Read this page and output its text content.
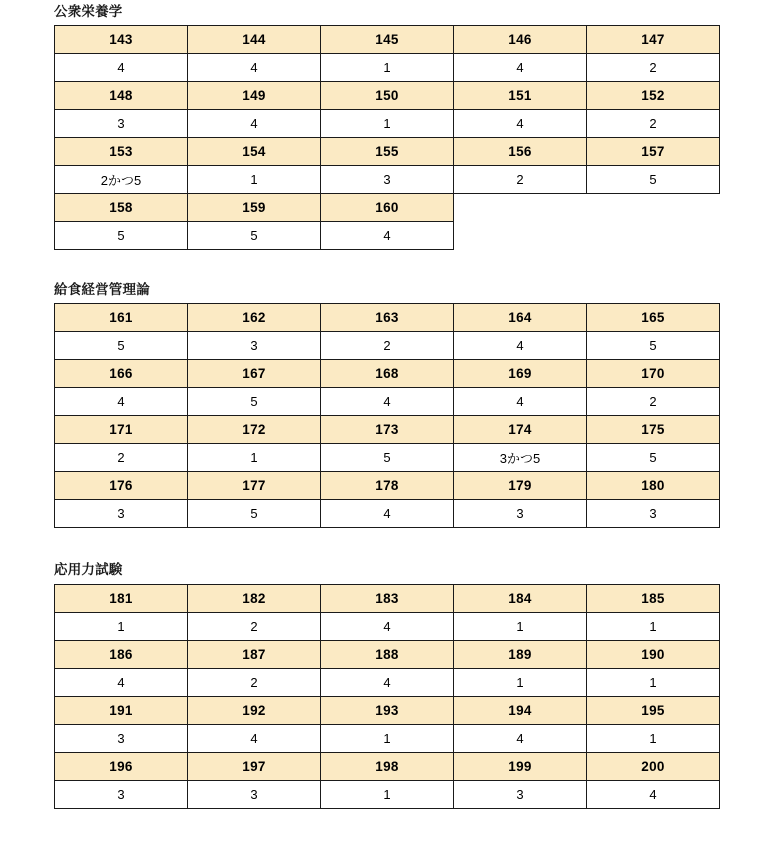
公衆栄養学
143	144	145	146	147
4	4	1	4	2
148	149	150	151	152
3	4	1	4	2
153	154	155	156	157
2かつ5	1	3	2	5
158	159	160		
5	5	4		
給食経営管理論
161	162	163	164	165
5	3	2	4	5
166	167	168	169	170
4	5	4	4	2
171	172	173	174	175
2	1	5	3かつ5	5
176	177	178	179	180
3	5	4	3	3
応用力試験
181	182	183	184	185
1	2	4	1	1
186	187	188	189	190
4	2	4	1	1
191	192	193	194	195
3	4	1	4	1
196	197	198	199	200
3	3	1	3	4
